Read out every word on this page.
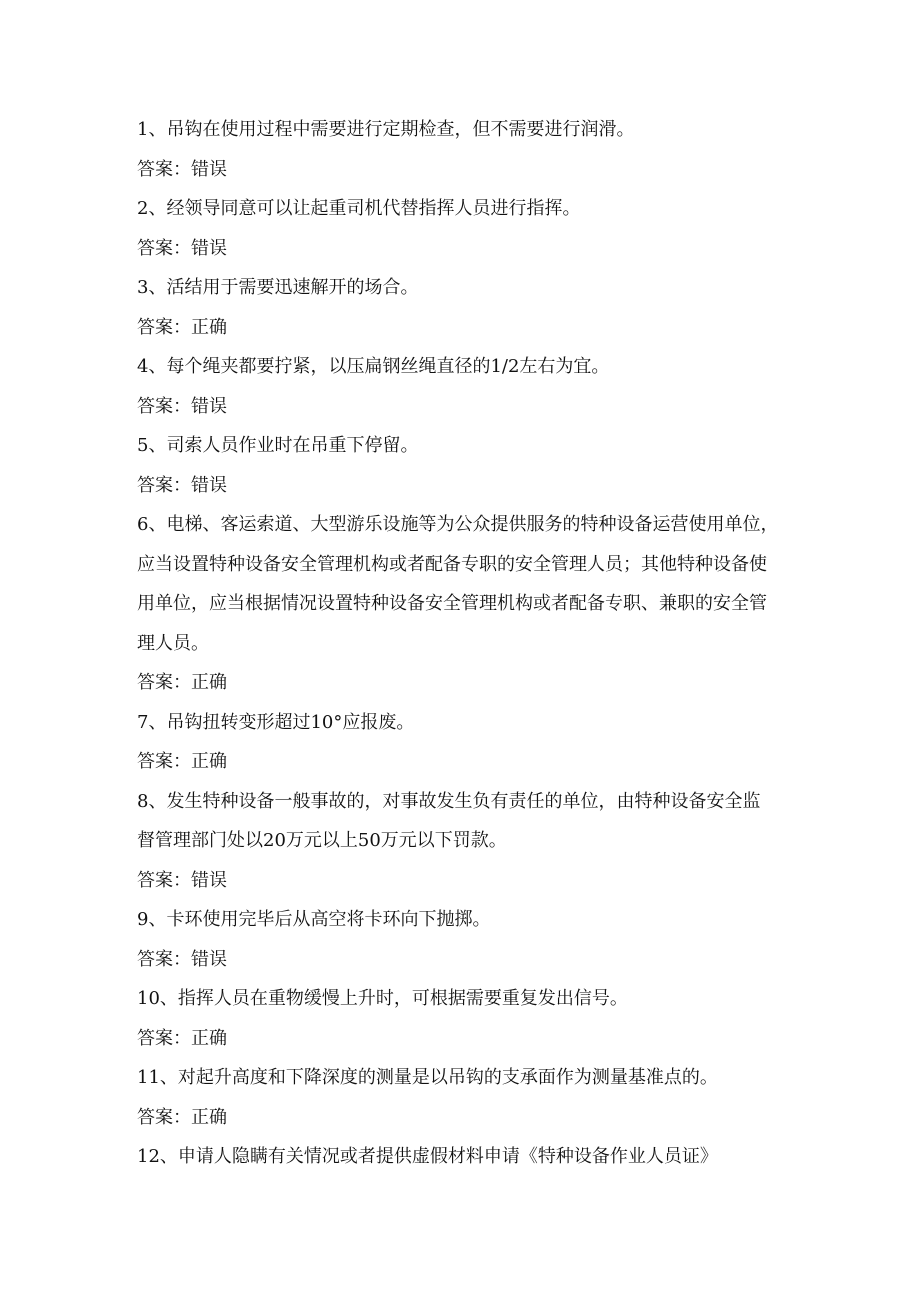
1、吊钩在使用过程中需要进行定期检查，但不需要进行润滑。

答案：错误

2、经领导同意可以让起重司机代替指挥人员进行指挥。

答案：错误

3、活结用于需要迅速解开的场合。

答案：正确

4、每个绳夹都要拧紧，以压扁钢丝绳直径的1/2左右为宜。

答案：错误

5、司索人员作业时在吊重下停留。

答案：错误

6、电梯、客运索道、大型游乐设施等为公众提供服务的特种设备运营使用单位，

应当设置特种设备安全管理机构或者配备专职的安全管理人员；其他特种设备使

用单位，应当根据情况设置特种设备安全管理机构或者配备专职、兼职的安全管

理人员。

答案：正确

7、吊钩扭转变形超过10°应报废。

答案：正确

8、发生特种设备一般事故的，对事故发生负有责任的单位，由特种设备安全监

督管理部门处以20万元以上50万元以下罚款。

答案：错误

9、卡环使用完毕后从高空将卡环向下抛掷。

答案：错误

10、指挥人员在重物缓慢上升时，可根据需要重复发出信号。

答案：正确

11、对起升高度和下降深度的测量是以吊钩的支承面作为测量基准点的。

答案：正确

12、申请人隐瞒有关情况或者提供虚假材料申请《特种设备作业人员证》
